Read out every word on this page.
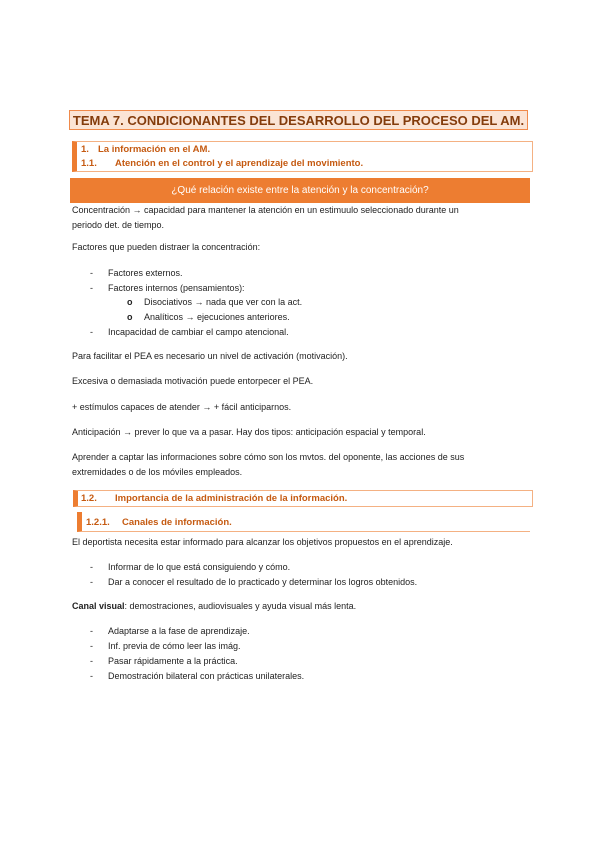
TEMA 7. CONDICIONANTES DEL DESARROLLO DEL PROCESO DEL AM.
1. La información en el AM.
1.1. Atención en el control y el aprendizaje del movimiento.
¿Qué relación existe entre la atención y la concentración?
Concentración → capacidad para mantener la atención en un estimuulo seleccionado durante un
periodo det. de tiempo.
Factores que pueden distraer la concentración:
- Factores externos.
- Factores internos (pensamientos):
o Disociativos → nada que ver con la act.
o Analíticos → ejecuciones anteriores.
- Incapacidad de cambiar el campo atencional.
Para facilitar el PEA es necesario un nivel de activación (motivación).
Excesiva o demasiada motivación puede entorpecer el PEA.
+ estímulos capaces de atender → + fácil anticiparnos.
Anticipación → prever lo que va a pasar. Hay dos tipos: anticipación espacial y temporal.
Aprender a captar las informaciones sobre cómo son los mvtos. del oponente, las acciones de sus
extremidades o de los móviles empleados.
1.2. Importancia de la administración de la información.
1.2.1. Canales de información.
El deportista necesita estar informado para alcanzar los objetivos propuestos en el aprendizaje.
- Informar de lo que está consiguiendo y cómo.
- Dar a conocer el resultado de lo practicado y determinar los logros obtenidos.
Canal visual: demostraciones, audiovisuales y ayuda visual más lenta.
- Adaptarse a la fase de aprendizaje.
- Inf. previa de cómo leer las imág.
- Pasar rápidamente a la práctica.
- Demostración bilateral con prácticas unilaterales.
